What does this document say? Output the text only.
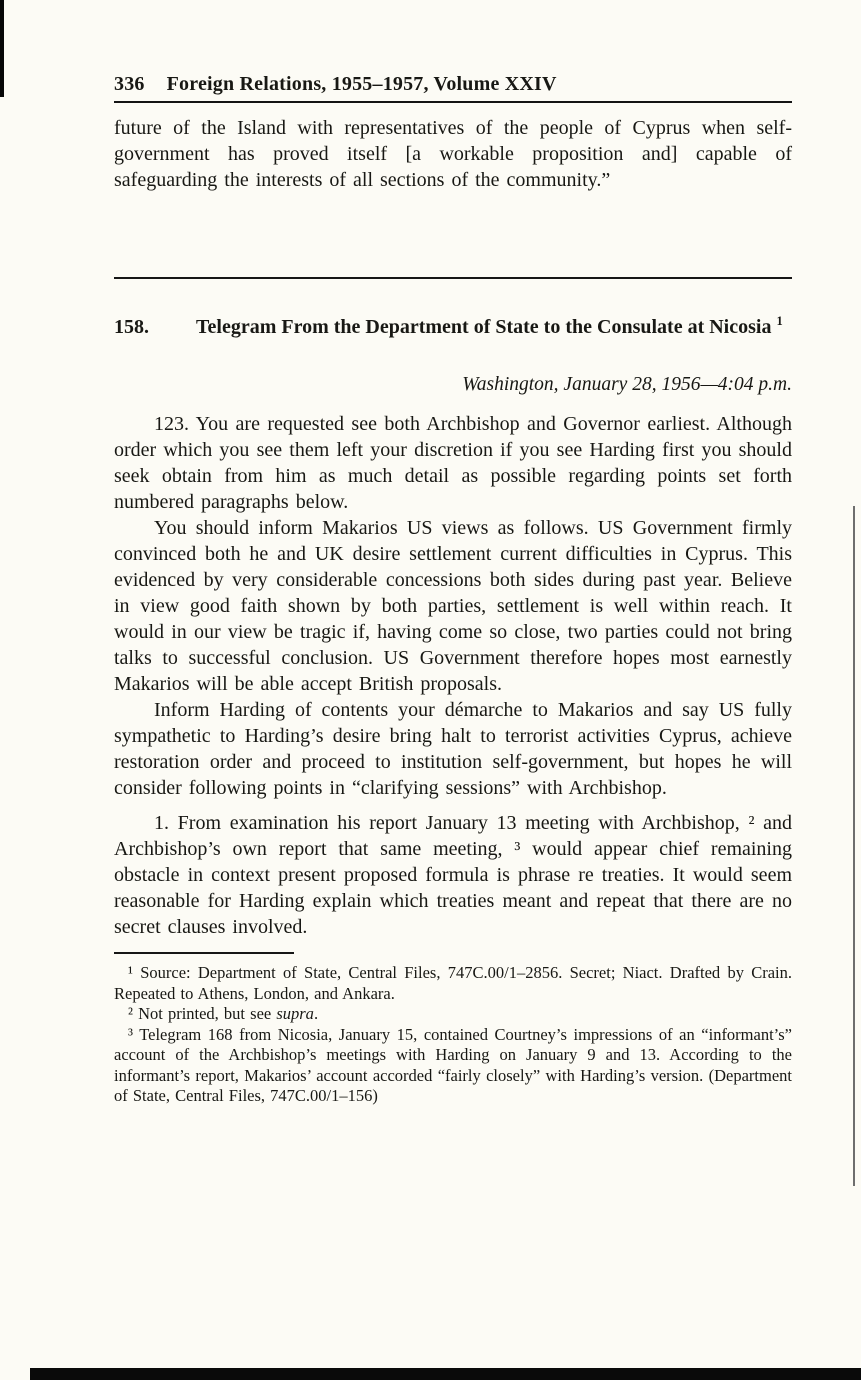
336 Foreign Relations, 1955–1957, Volume XXIV

future of the Island with representatives of the people of Cyprus when self-government has proved itself [a workable proposition and] capable of safeguarding the interests of all sections of the community.”

158.	Telegram From the Department of State to the Consulate at Nicosia $^1$

Washington, January 28, 1956—4:04 p.m.

123. You are requested see both Archbishop and Governor earliest. Although order which you see them left your discretion if you see Harding first you should seek obtain from him as much detail as possible regarding points set forth numbered paragraphs below.

You should inform Makarios US views as follows. US Government firmly convinced both he and UK desire settlement current difficulties in Cyprus. This evidenced by very considerable concessions both sides during past year. Believe in view good faith shown by both parties, settlement is well within reach. It would in our view be tragic if, having come so close, two parties could not bring talks to successful conclusion. US Government therefore hopes most earnestly Makarios will be able accept British proposals.

Inform Harding of contents your démarche to Makarios and say US fully sympathetic to Harding’s desire bring halt to terrorist activities Cyprus, achieve restoration order and proceed to institution self-government, but hopes he will consider following points in “clarifying sessions” with Archbishop.

1. From examination his report January 13 meeting with Archbishop, ² and Archbishop’s own report that same meeting, ³ would appear chief remaining obstacle in context present proposed formula is phrase re treaties. It would seem reasonable for Harding explain which treaties meant and repeat that there are no secret clauses involved.

¹ Source: Department of State, Central Files, 747C.00/1–2856. Secret; Niact. Drafted by Crain. Repeated to Athens, London, and Ankara.

² Not printed, but see supra.

³ Telegram 168 from Nicosia, January 15, contained Courtney’s impressions of an “informant’s” account of the Archbishop’s meetings with Harding on January 9 and 13. According to the informant’s report, Makarios’ account accorded “fairly closely” with Harding’s version. (Department of State, Central Files, 747C.00/1–156)
